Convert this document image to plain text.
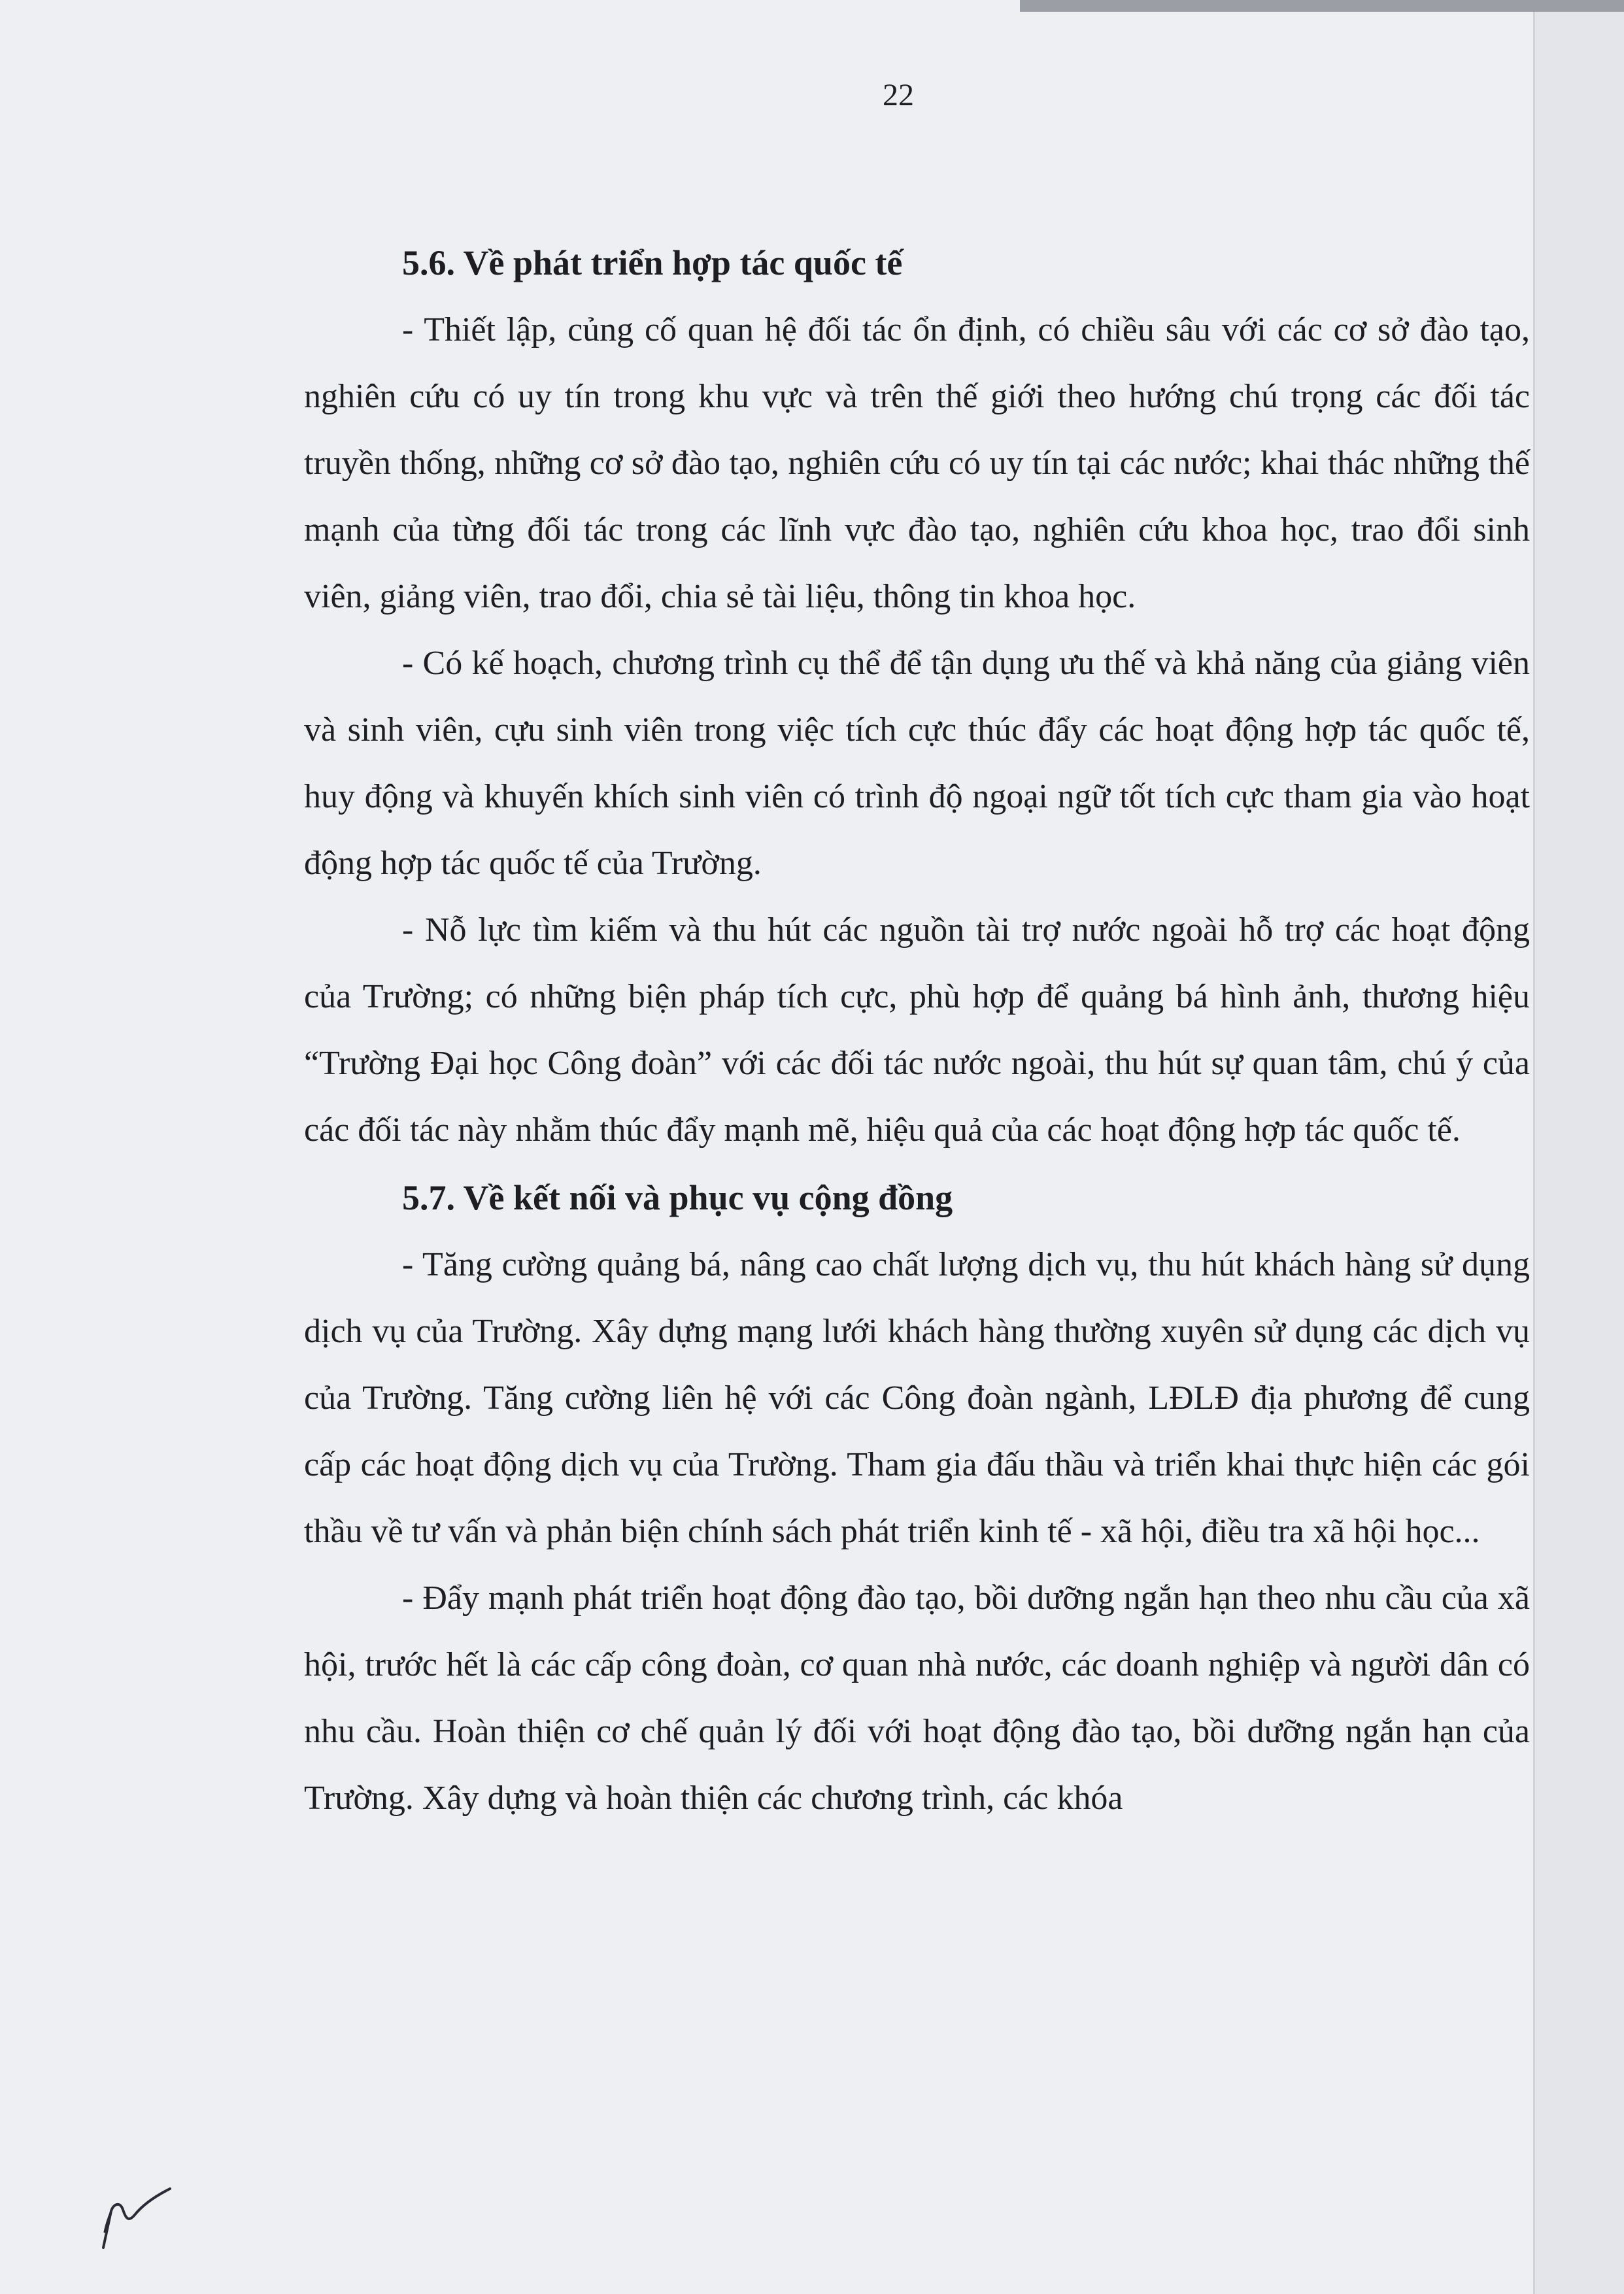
22
5.6. Về phát triển hợp tác quốc tế

- Thiết lập, củng cố quan hệ đối tác ổn định, có chiều sâu với các cơ sở đào tạo, nghiên cứu có uy tín trong khu vực và trên thế giới theo hướng chú trọng các đối tác truyền thống, những cơ sở đào tạo, nghiên cứu có uy tín tại các nước; khai thác những thế mạnh của từng đối tác trong các lĩnh vực đào tạo, nghiên cứu khoa học, trao đổi sinh viên, giảng viên, trao đổi, chia sẻ tài liệu, thông tin khoa học.

- Có kế hoạch, chương trình cụ thể để tận dụng ưu thế và khả năng của giảng viên và sinh viên, cựu sinh viên trong việc tích cực thúc đẩy các hoạt động hợp tác quốc tế, huy động và khuyến khích sinh viên có trình độ ngoại ngữ tốt tích cực tham gia vào hoạt động hợp tác quốc tế của Trường.

- Nỗ lực tìm kiếm và thu hút các nguồn tài trợ nước ngoài hỗ trợ các hoạt động của Trường; có những biện pháp tích cực, phù hợp để quảng bá hình ảnh, thương hiệu “Trường Đại học Công đoàn” với các đối tác nước ngoài, thu hút sự quan tâm, chú ý của các đối tác này nhằm thúc đẩy mạnh mẽ, hiệu quả của các hoạt động hợp tác quốc tế.

5.7. Về kết nối và phục vụ cộng đồng

- Tăng cường quảng bá, nâng cao chất lượng dịch vụ, thu hút khách hàng sử dụng dịch vụ của Trường. Xây dựng mạng lưới khách hàng thường xuyên sử dụng các dịch vụ của Trường. Tăng cường liên hệ với các Công đoàn ngành, LĐLĐ địa phương để cung cấp các hoạt động dịch vụ của Trường. Tham gia đấu thầu và triển khai thực hiện các gói thầu về tư vấn và phản biện chính sách phát triển kinh tế - xã hội, điều tra xã hội học...

- Đẩy mạnh phát triển hoạt động đào tạo, bồi dưỡng ngắn hạn theo nhu cầu của xã hội, trước hết là các cấp công đoàn, cơ quan nhà nước, các doanh nghiệp và người dân có nhu cầu. Hoàn thiện cơ chế quản lý đối với hoạt động đào tạo, bồi dưỡng ngắn hạn của Trường. Xây dựng và hoàn thiện các chương trình, các khóa
